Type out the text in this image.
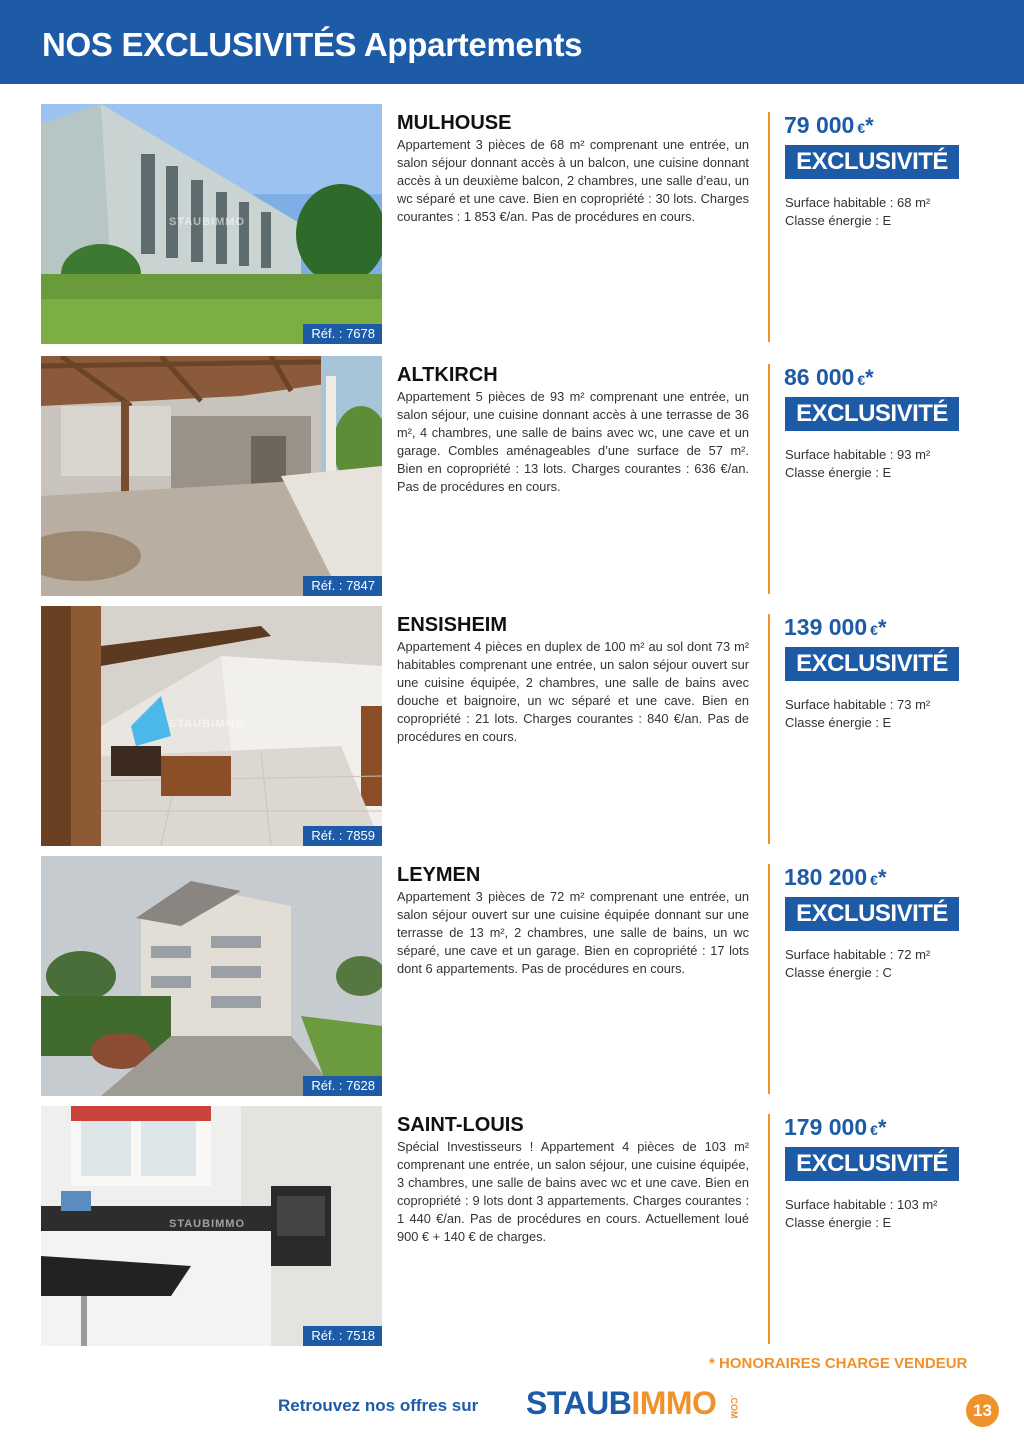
NOS EXCLUSIVITÉS Appartements
STAUBIMMO
Réf. : 7678
MULHOUSE
Appartement 3 pièces de 68 m² comprenant une entrée, un salon séjour donnant accès à un balcon, une cuisine donnant accès à un deuxième balcon, 2 chambres, une salle d’eau, un wc séparé et une cave. Bien en copropriété : 30 lots. Charges courantes : 1 853 €/an. Pas de procédures en cours.
79 000 €*
EXCLUSIVITÉ
Surface habitable : 68 m²
Classe énergie : E
Réf. : 7847
ALTKIRCH
Appartement 5 pièces de 93 m² comprenant une entrée, un salon séjour, une cuisine donnant accès à une terrasse de 36 m², 4 chambres, une salle de bains avec wc, une cave et un garage. Combles aménageables d’une surface de 57 m². Bien en copropriété : 13 lots. Charges courantes : 636 €/an. Pas de procédures en cours.
86 000 €*
EXCLUSIVITÉ
Surface habitable : 93 m²
Classe énergie : E
STAUBIMMO
Réf. : 7859
ENSISHEIM
Appartement 4 pièces en duplex de 100 m² au sol dont 73 m² habitables comprenant une entrée, un salon séjour ouvert sur une cuisine équipée, 2 chambres, une salle de bains avec douche et baignoire, un wc séparé et une cave. Bien en copropriété : 21 lots. Charges courantes : 840 €/an. Pas de procédures en cours.
139 000 €*
EXCLUSIVITÉ
Surface habitable : 73 m²
Classe énergie : E
Réf. : 7628
LEYMEN
Appartement 3 pièces de 72 m² comprenant une entrée, un salon séjour ouvert sur une cuisine équipée donnant sur une terrasse de 13 m², 2 chambres, une salle de bains, un wc séparé, une cave et un garage. Bien en copropriété : 17 lots dont 6 appartements. Pas de procédures en cours.
180 200 €*
EXCLUSIVITÉ
Surface habitable : 72 m²
Classe énergie : C
STAUBIMMO
Réf. : 7518
SAINT-LOUIS
Spécial Investisseurs ! Appartement 4 pièces de 103 m² comprenant une entrée, un salon séjour, une cuisine équipée, 3 chambres, une salle de bains avec wc et une cave. Bien en copropriété : 9 lots dont 3 appartements. Charges courantes : 1 440 €/an. Pas de procédures en cours. Actuellement loué 900 € + 140 € de charges.
179 000 €*
EXCLUSIVITÉ
Surface habitable : 103 m²
Classe énergie : E
* HONORAIRES CHARGE VENDEUR
Retrouvez nos offres sur STAUBIMMO .COM	13
